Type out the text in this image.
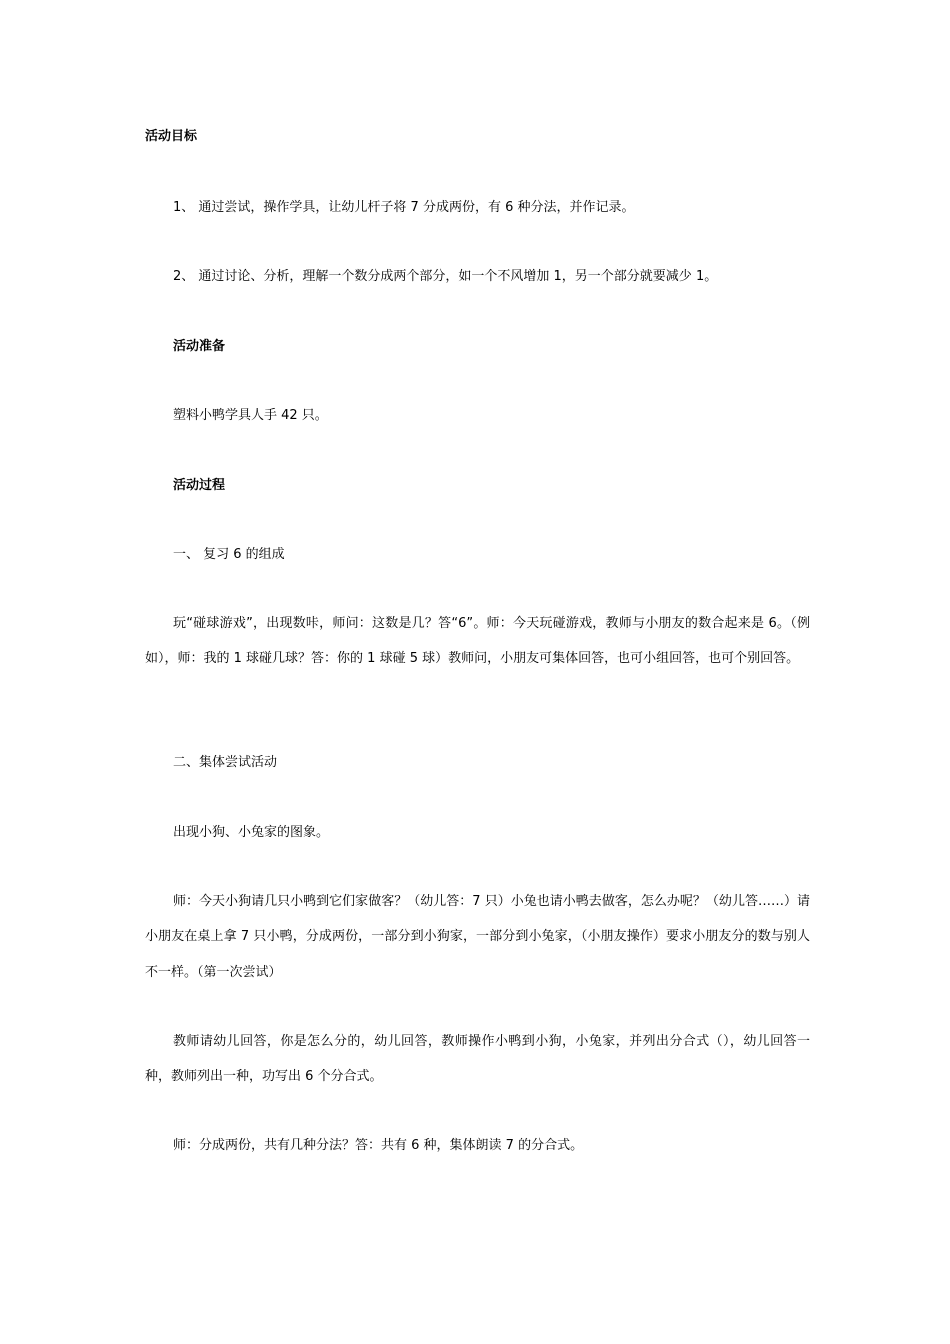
活动目标
1、 通过尝试，操作学具，让幼儿杆子将 7 分成两份，有 6 种分法，并作记录。
2、 通过讨论、分析，理解一个数分成两个部分，如一个不风增加 1，另一个部分就要减少 1。
活动准备
塑料小鸭学具人手 42 只。
活动过程
一、 复习 6 的组成
玩“碰球游戏”，出现数咔，师问：这数是几？答“6”。师：今天玩碰游戏，教师与小朋友的数合起来是 6。（例如），师：我的 1 球碰几球？答：你的 1 球碰 5 球）教师问，小朋友可集体回答，也可小组回答，也可个别回答。
二、集体尝试活动
出现小狗、小兔家的图象。
师：今天小狗请几只小鸭到它们家做客？（幼儿答：7 只）小兔也请小鸭去做客，怎么办呢？（幼儿答……）请小朋友在桌上拿 7 只小鸭，分成两份，一部分到小狗家，一部分到小兔家，（小朋友操作）要求小朋友分的数与别人不一样。（第一次尝试）
教师请幼儿回答，你是怎么分的，幼儿回答，教师操作小鸭到小狗，小兔家，并列出分合式（），幼儿回答一种，教师列出一种，功写出 6 个分合式。
师：分成两份，共有几种分法？答：共有 6 种，集体朗读 7 的分合式。
